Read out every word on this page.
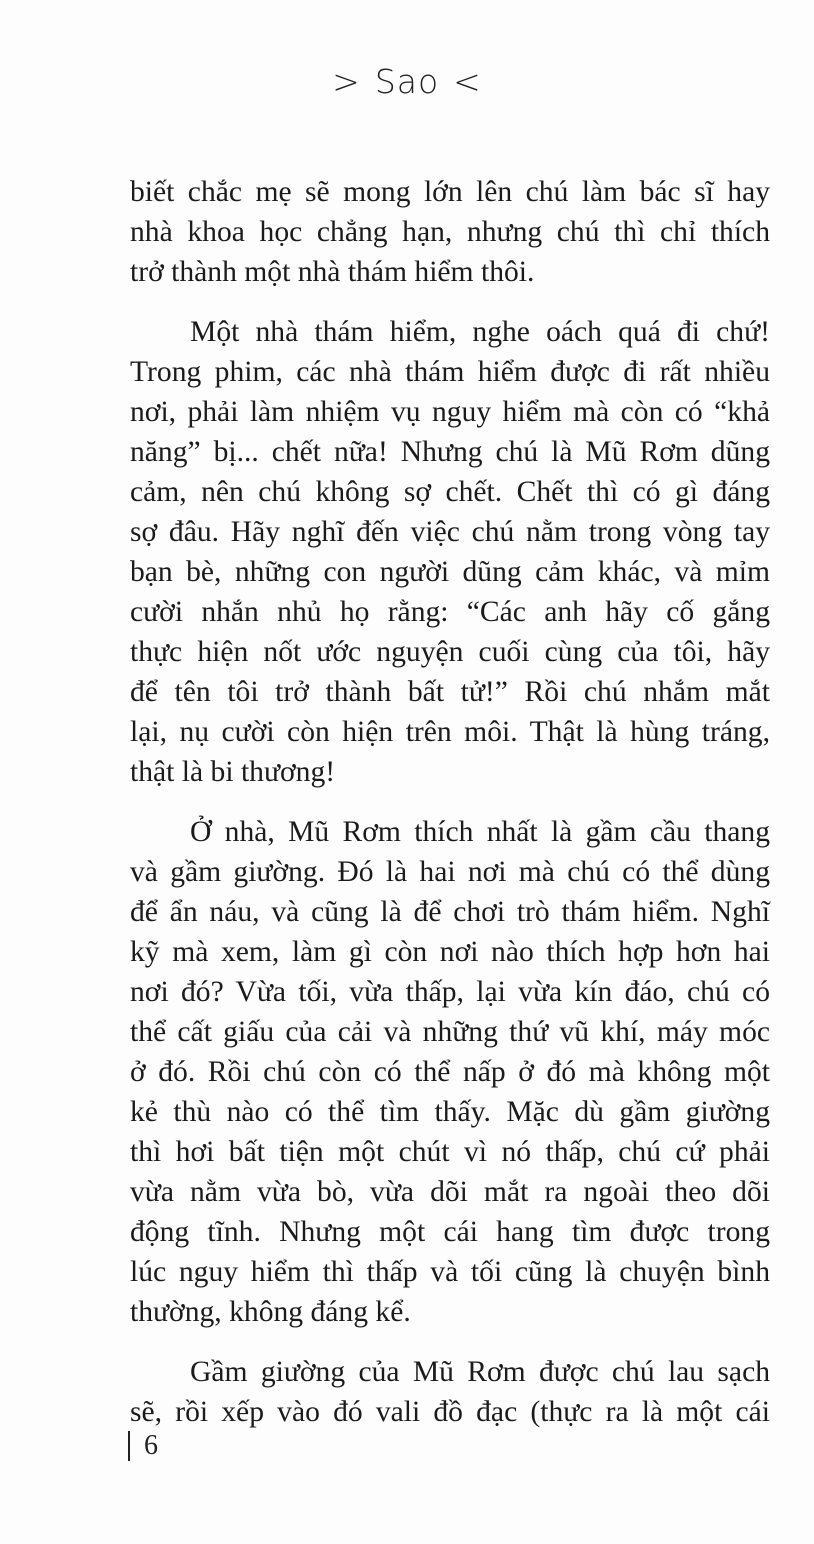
> Sao <

biết chắc mẹ sẽ mong lớn lên chú làm bác sĩ hay
nhà khoa học chẳng hạn, nhưng chú thì chỉ thích
trở thành một nhà thám hiểm thôi.

Một nhà thám hiểm, nghe oách quá đi chứ!
Trong phim, các nhà thám hiểm được đi rất nhiều
nơi, phải làm nhiệm vụ nguy hiểm mà còn có “khả
năng” bị... chết nữa! Nhưng chú là Mũ Rơm dũng
cảm, nên chú không sợ chết. Chết thì có gì đáng
sợ đâu. Hãy nghĩ đến việc chú nằm trong vòng tay
bạn bè, những con người dũng cảm khác, và mỉm
cười nhắn nhủ họ rằng: “Các anh hãy cố gắng
thực hiện nốt ước nguyện cuối cùng của tôi, hãy
để tên tôi trở thành bất tử!” Rồi chú nhắm mắt
lại, nụ cười còn hiện trên môi. Thật là hùng tráng,
thật là bi thương!

Ở nhà, Mũ Rơm thích nhất là gầm cầu thang
và gầm giường. Đó là hai nơi mà chú có thể dùng
để ẩn náu, và cũng là để chơi trò thám hiểm. Nghĩ
kỹ mà xem, làm gì còn nơi nào thích hợp hơn hai
nơi đó? Vừa tối, vừa thấp, lại vừa kín đáo, chú có
thể cất giấu của cải và những thứ vũ khí, máy móc
ở đó. Rồi chú còn có thể nấp ở đó mà không một
kẻ thù nào có thể tìm thấy. Mặc dù gầm giường
thì hơi bất tiện một chút vì nó thấp, chú cứ phải
vừa nằm vừa bò, vừa dõi mắt ra ngoài theo dõi
động tĩnh. Nhưng một cái hang tìm được trong
lúc nguy hiểm thì thấp và tối cũng là chuyện bình
thường, không đáng kể.

Gầm giường của Mũ Rơm được chú lau sạch
sẽ, rồi xếp vào đó vali đồ đạc (thực ra là một cái

6
